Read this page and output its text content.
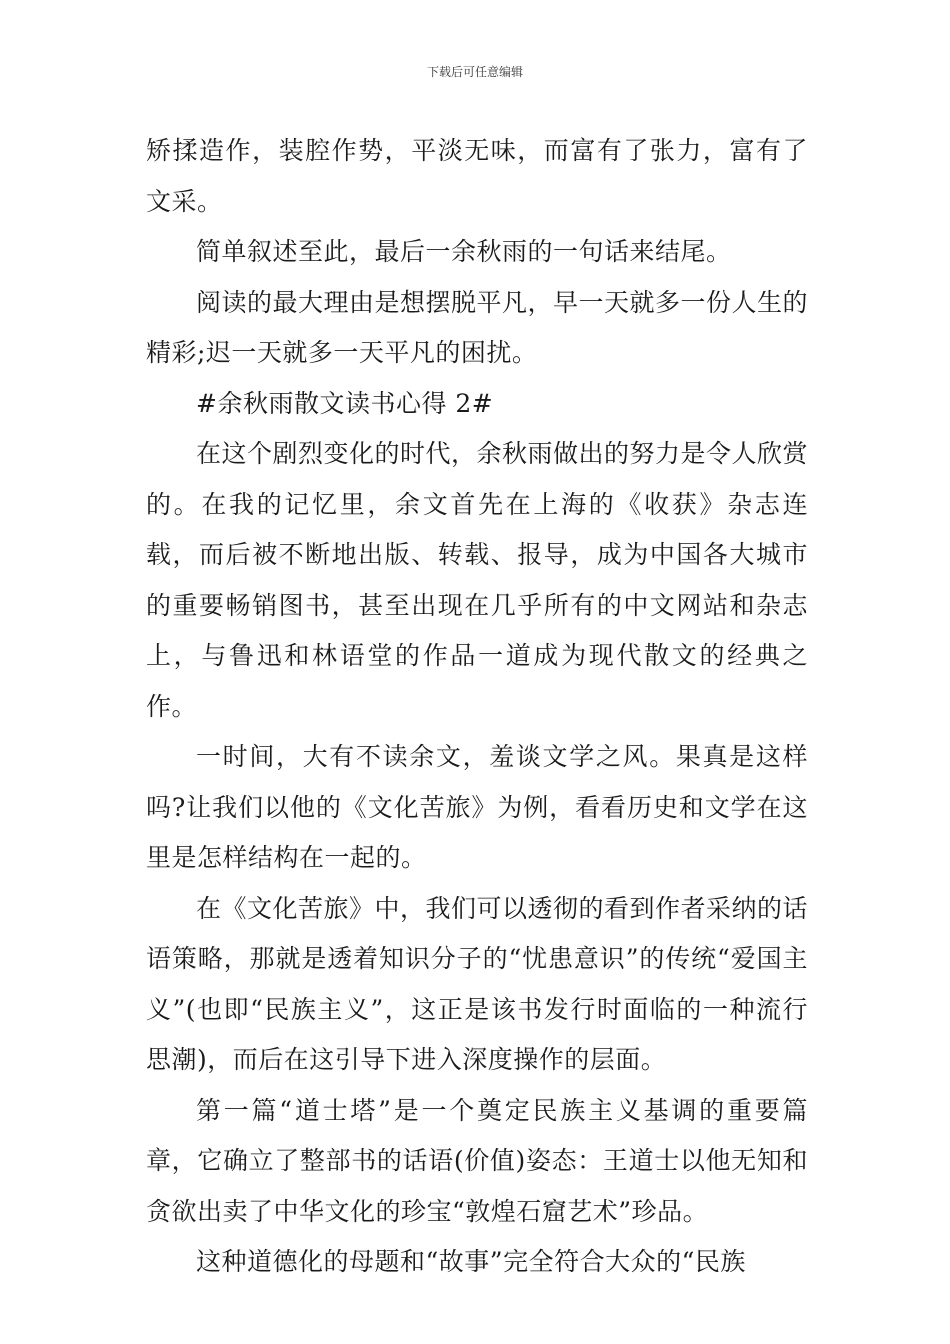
下载后可任意编辑

矫揉造作，装腔作势，平淡无味，而富有了张力，富有了文采。

简单叙述至此，最后一余秋雨的一句话来结尾。

阅读的最大理由是想摆脱平凡，早一天就多一份人生的精彩;迟一天就多一天平凡的困扰。

#余秋雨散文读书心得 2#

在这个剧烈变化的时代，余秋雨做出的努力是令人欣赏的。在我的记忆里，余文首先在上海的《收获》杂志连载，而后被不断地出版、转载、报导，成为中国各大城市的重要畅销图书，甚至出现在几乎所有的中文网站和杂志上，与鲁迅和林语堂的作品一道成为现代散文的经典之作。

一时间，大有不读余文，羞谈文学之风。果真是这样吗?让我们以他的《文化苦旅》为例，看看历史和文学在这里是怎样结构在一起的。

在《文化苦旅》中，我们可以透彻的看到作者采纳的话语策略，那就是透着知识分子的“忧患意识”的传统“爱国主义”(也即“民族主义”，这正是该书发行时面临的一种流行思潮)，而后在这引导下进入深度操作的层面。

第一篇“道士塔”是一个奠定民族主义基调的重要篇章，它确立了整部书的话语(价值)姿态：王道士以他无知和贪欲出卖了中华文化的珍宝“敦煌石窟艺术”珍品。

这种道德化的母题和“故事”完全符合大众的“民族
